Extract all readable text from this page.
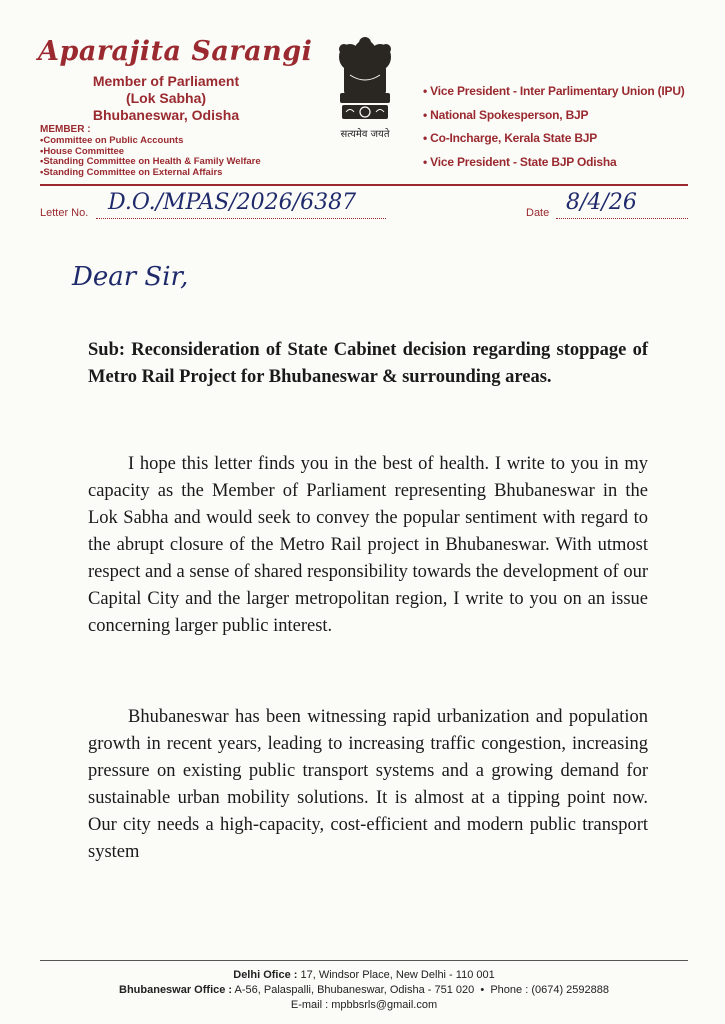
Aparajita Sarangi
Member of Parliament
(Lok Sabha)
Bhubaneswar, Odisha
MEMBER :
• Committee on Public Accounts
• House Committee
• Standing Committee on Health & Family Welfare
• Standing Committee on External Affairs
सत्यमेव जयते
• Vice President - Inter Parlimentary Union (IPU)
• National Spokesperson, BJP
• Co-Incharge, Kerala State BJP
• Vice President - State BJP Odisha
Letter No. D.O./MPAS/2026/6387	Date 8/4/26
Dear Sir,
Sub: Reconsideration of State Cabinet decision regarding stoppage of Metro Rail Project for Bhubaneswar & surrounding areas.

I hope this letter finds you in the best of health. I write to you in my capacity as the Member of Parliament representing Bhubaneswar in the Lok Sabha and would seek to convey the popular sentiment with regard to the abrupt closure of the Metro Rail project in Bhubaneswar. With utmost respect and a sense of shared responsibility towards the development of our Capital City and the larger metropolitan region, I write to you on an issue concerning larger public interest.

Bhubaneswar has been witnessing rapid urbanization and population growth in recent years, leading to increasing traffic congestion, increasing pressure on existing public transport systems and a growing demand for sustainable urban mobility solutions. It is almost at a tipping point now. Our city needs a high-capacity, cost-efficient and modern public transport system

Delhi Ofice : 17, Windsor Place, New Delhi - 110 001
Bhubaneswar Office : A-56, Palaspalli, Bhubaneswar, Odisha - 751 020  •  Phone : (0674) 2592888
E-mail : mpbbsrls@gmail.com
